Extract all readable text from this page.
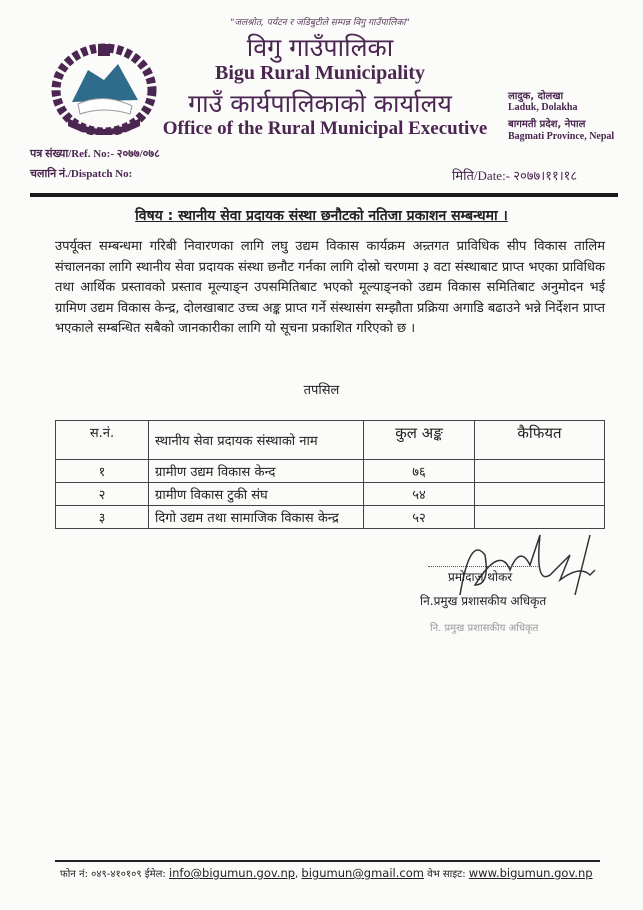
"जलश्रोत, पर्यटन र जडिबुटीले सम्पन्न विगु गाउँपालिका"
विगु गाउँपालिका
Bigu Rural Municipality
गाउँ कार्यपालिकाको कार्यालय
Office of the Rural Municipal Executive
लादुक, दोलखा
Laduk, Dolakha
बागमती प्रदेश, नेपाल
Bagmati Province, Nepal
पत्र संख्या/Ref. No:- २०७७/०७८
चलानि नं./Dispatch No:	मिति/Date:- २०७७।११।१८
विषय : स्थानीय सेवा प्रदायक संस्था छनौटको नतिजा प्रकाशन सम्बन्धमा ।
उपर्यूक्त सम्बन्धमा गरिबी निवारणका लागि लघु उद्यम विकास कार्यक्रम अन्र्तगत प्राविधिक सीप विकास तालिम संचालनका लागि स्थानीय सेवा प्रदायक संस्था छनौट गर्नका लागि दोस्रो चरणमा ३ वटा संस्थाबाट प्राप्त भएका प्राविधिक तथा आर्थिक प्रस्तावको प्रस्ताव मूल्याङ्न उपसमितिबाट भएको मूल्याङ्नको उद्यम विकास समितिबाट अनुमोदन भई ग्रामिण उद्यम विकास केन्द्र, दोलखाबाट उच्च अङ्क प्राप्त गर्ने संस्थासंग सम्झौता प्रक्रिया अगाडि बढाउने भन्ने निर्देशन प्राप्त भएकाले सम्बन्धित सबैको जानकारीका लागि यो सूचना प्रकाशित गरिएको छ ।
तपसिल
स.नं.	स्थानीय सेवा प्रदायक संस्थाको नाम	कुल अङ्क	कैफियत
१	ग्रामीण उद्यम विकास केन्द	७६	
२	ग्रामीण विकास टुकी संघ	५४	
३	दिगो उद्यम तथा सामाजिक विकास केन्द्र	५२	
प्रमोदाज थोकर
नि.प्रमुख प्रशासकीय अधिकृत
नि. प्रमुख प्रशासकीय अधिकृत
फोन नं: ०४९-४१०१०९ ईमेल: info@bigumun.gov.np, bigumun@gmail.com वेभ साइट: www.bigumun.gov.np
